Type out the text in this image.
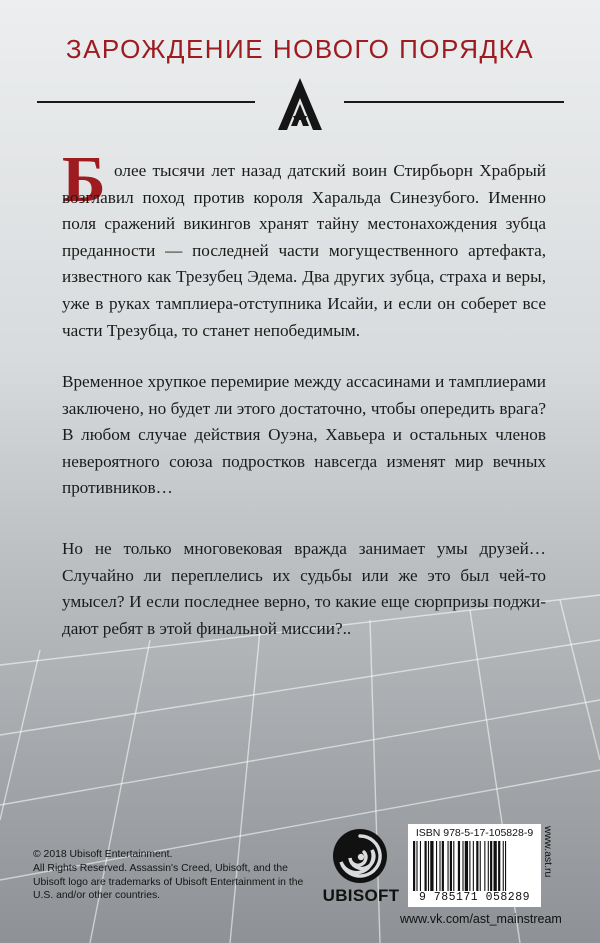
ЗАРОЖДЕНИЕ НОВОГО ПОРЯДКА
Б олее тысячи лет назад датский воин Стирбьорн Храбрый возглавил поход против короля Харальда Синезубого. Именно поля сражений викингов хранят тайну местонахождения зубца преданности — последней части могущественного артефакта, известного как Трезубец Эдема. Два других зубца, страха и веры, уже в руках тамплиера-отступника Исайи, и если он соберет все части Трезубца, то станет непобедимым.

Временное хрупкое перемирие между ассасинами и тамплиерами заключено, но будет ли этого достаточно, чтобы опередить врага? В любом случае действия Оуэна, Хавьера и остальных членов невероятного союза подростков навсегда изменят мир вечных противников…

Но не только многовековая вражда занимает умы друзей… Случайно ли переплелись их судьбы или же это был чей-то умысел? И если последнее верно, то какие еще сюрпризы поджидают ребят в этой финальной миссии?..

© 2018 Ubisoft Entertainment.
All Rights Reserved. Assassin's Creed, Ubisoft, and the Ubisoft logo are trademarks of Ubisoft Entertainment in the U.S. and/or other countries.	UBISOFT

ISBN 978-5-17-105828-9

9 785171 058289
www.ast.ru
www.vk.com/ast_mainstream
